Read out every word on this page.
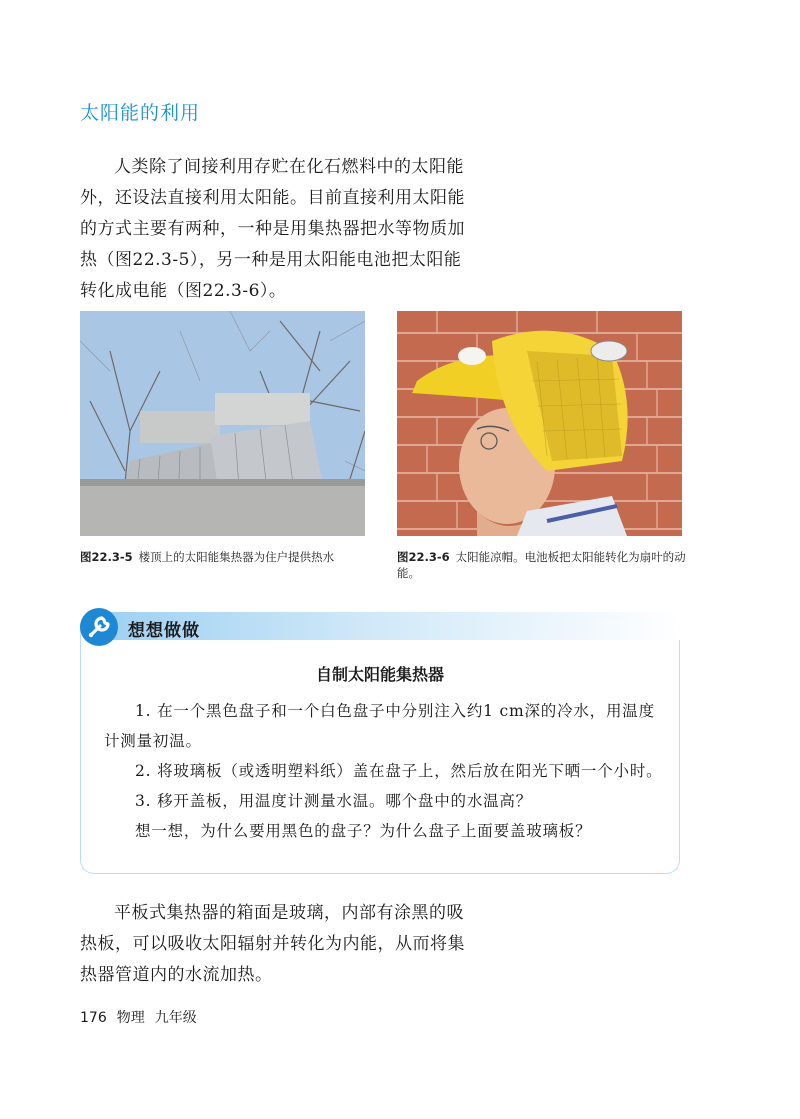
太阳能的利用

人类除了间接利用存贮在化石燃料中的太阳能外，还设法直接利用太阳能。目前直接利用太阳能的方式主要有两种，一种是用集热器把水等物质加热（图22.3-5），另一种是用太阳能电池把太阳能转化成电能（图22.3-6）。

图22.3-5 楼顶上的太阳能集热器为住户提供热水	图22.3-6 太阳能凉帽。电池板把太阳能转化为扇叶的动能。
想想做做
自制太阳能集热器

1. 在一个黑色盘子和一个白色盘子中分别注入约1 cm深的冷水，用温度计测量初温。

2. 将玻璃板（或透明塑料纸）盖在盘子上，然后放在阳光下晒一个小时。

3. 移开盖板，用温度计测量水温。哪个盘中的水温高？

想一想，为什么要用黑色的盘子？为什么盘子上面要盖玻璃板？

平板式集热器的箱面是玻璃，内部有涂黑的吸热板，可以吸收太阳辐射并转化为内能，从而将集热器管道内的水流加热。

176 物理 九年级
